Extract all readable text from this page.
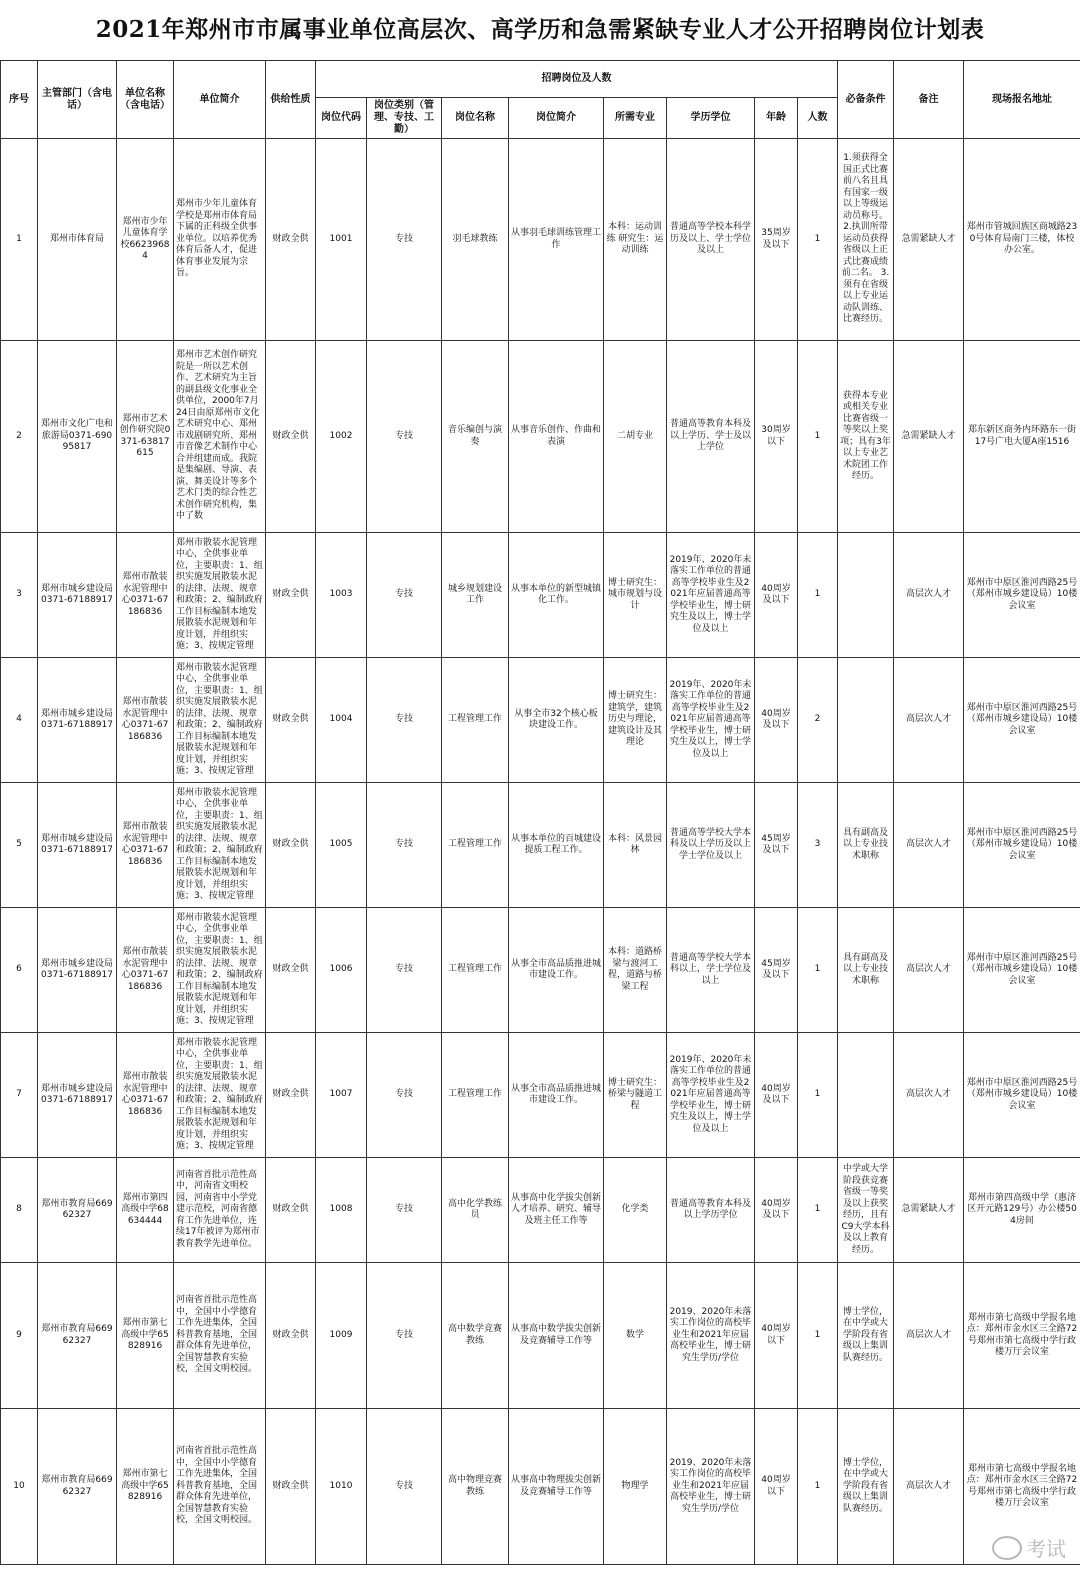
2021年郑州市市属事业单位高层次、高学历和急需紧缺专业人才公开招聘岗位计划表
序号	主管部门（含电话）	单位名称（含电话）	单位简介	供给性质	招聘岗位及人数								必备条件	备注	现场报名地址
					岗位代码	岗位类别（管理、专技、工勤）	岗位名称	岗位简介	所需专业	学历学位	年龄	人数			
1	郑州市体育局	郑州市少年儿童体育学校66239684	郑州市少年儿童体育学校是郑州市体育局下属的正科级全供事业单位。以培养优秀体育后备人才，促进体育事业发展为宗旨。	财政全供	1001	专技	羽毛球教练	从事羽毛球训练管理工作	本科：运动训练 研究生：运动训练	普通高等学校本科学历及以上、学士学位及以上	35周岁及以下	1	1.须获得全国正式比赛前八名且具有国家一级以上等级运动员称号。 2.执训所带运动员获得省级以上正式比赛成绩前二名。 3.须有在省级以上专业运动队训练、比赛经历。	急需紧缺人才	郑州市管城回族区商城路230号体育局南门三楼，体校办公室。
2	郑州市文化广电和旅游局0371-69095817	郑州市艺术创作研究院0371-63817615	郑州市艺术创作研究院是一所以艺术创作、艺术研究为主旨的副县级文化事业全供单位，2000年7月24日由原郑州市文化艺术研究中心、郑州市戏剧研究所、郑州市音像艺术制作中心合并组建而成。我院是集编剧、导演、表演、舞美设计等多个艺术门类的综合性艺术创作研究机构，集中了数	财政全供	1002	专技	音乐编创与演奏	从事音乐创作、作曲和表演	二胡专业	普通高等教育本科及以上学历、学士及以上学位	30周岁以下	1	获得本专业或相关专业比赛省级一等奖以上奖项；具有3年以上专业艺术院团工作经历。	急需紧缺人才	郑东新区商务内环路东一街17号广电大厦A座1516
3	郑州市城乡建设局0371-67188917	郑州市散装水泥管理中心0371-67186836	郑州市散装水泥管理中心，全供事业单位，主要职责：1、组织实施发展散装水泥的法律、法规、规章和政策；2、编制政府工作目标编制本地发展散装水泥规划和年度计划，并组织实施；3、按规定管理	财政全供	1003	专技	城乡规划建设工作	从事本单位的新型城镇化工作。	博士研究生：城市规划与设计	2019年、2020年未落实工作单位的普通高等学校毕业生及2021年应届普通高等学校毕业生，博士研究生及以上，博士学位及以上	40周岁及以下	1		高层次人才	郑州市中原区淮河西路25号（郑州市城乡建设局）10楼会议室
4	郑州市城乡建设局0371-67188917	郑州市散装水泥管理中心0371-67186836	郑州市散装水泥管理中心，全供事业单位，主要职责：1、组织实施发展散装水泥的法律、法规、规章和政策；2、编制政府工作目标编制本地发展散装水泥规划和年度计划，并组织实施；3、按规定管理	财政全供	1004	专技	工程管理工作	从事全市32个核心板块建设工作。	博士研究生：建筑学，建筑历史与理论，建筑设计及其理论	2019年、2020年未落实工作单位的普通高等学校毕业生及2021年应届普通高等学校毕业生，博士研究生及以上，博士学位及以上	40周岁及以下	2		高层次人才	郑州市中原区淮河西路25号（郑州市城乡建设局）10楼会议室
5	郑州市城乡建设局0371-67188917	郑州市散装水泥管理中心0371-67186836	郑州市散装水泥管理中心，全供事业单位，主要职责：1、组织实施发展散装水泥的法律、法规、规章和政策；2、编制政府工作目标编制本地发展散装水泥规划和年度计划，并组织实施；3、按规定管理	财政全供	1005	专技	工程管理工作	从事本单位的百城建设提质工程工作。	本科：风景园林	普通高等学校大学本科及以上学历及以上学士学位及以上	45周岁及以下	3	具有副高及以上专业技术职称	高层次人才	郑州市中原区淮河西路25号（郑州市城乡建设局）10楼会议室
6	郑州市城乡建设局0371-67188917	郑州市散装水泥管理中心0371-67186836	郑州市散装水泥管理中心，全供事业单位，主要职责：1、组织实施发展散装水泥的法律、法规、规章和政策；2、编制政府工作目标编制本地发展散装水泥规划和年度计划，并组织实施；3、按规定管理	财政全供	1006	专技	工程管理工作	从事全市高品质推进城市建设工作。	本科：道路桥梁与渡河工程，道路与桥梁工程	普通高等学校大学本科以上，学士学位及以上	45周岁及以下	1	具有副高及以上专业技术职称	高层次人才	郑州市中原区淮河西路25号（郑州市城乡建设局）10楼会议室
7	郑州市城乡建设局0371-67188917	郑州市散装水泥管理中心0371-67186836	郑州市散装水泥管理中心，全供事业单位，主要职责：1、组织实施发展散装水泥的法律、法规、规章和政策；2、编制政府工作目标编制本地发展散装水泥规划和年度计划，并组织实施；3、按规定管理	财政全供	1007	专技	工程管理工作	从事全市高品质推进城市建设工作。	博士研究生：桥梁与隧道工程	2019年、2020年未落实工作单位的普通高等学校毕业生及2021年应届普通高等学校毕业生，博士研究生及以上，博士学位及以上	40周岁及以下	1		高层次人才	郑州市中原区淮河西路25号（郑州市城乡建设局）10楼会议室
8	郑州市教育局66962327	郑州市第四高级中学68634444	河南省首批示范性高中，河南省文明校园，河南省中小学党建示范校，河南省德育工作先进单位，连续17年被评为郑州市教育教学先进单位。	财政全供	1008	专技	高中化学教练员	从事高中化学拔尖创新人才培养、研究、辅导及班主任工作等	化学类	普通高等教育本科及以上学历学位	40周岁及以下	1	中学或大学阶段获竞赛省级一等奖及以上获奖经历，且有C9大学本科及以上教育经历。	急需紧缺人才	郑州市第四高级中学（惠济区开元路129号）办公楼504房间
9	郑州市教育局66962327	郑州市第七高级中学65828916	河南省首批示范性高中，全国中小学德育工作先进集体，全国科普教育基地，全国群众体育先进单位，全国智慧教育实验校，全国文明校园。	财政全供	1009	专技	高中数学竞赛教练	从事高中数学拔尖创新及竞赛辅导工作等	数学	2019、2020年未落实工作岗位的高校毕业生和2021年应届高校毕业生，博士研究生学历/学位	40周岁以下	1	博士学位，在中学或大学阶段有省级以上集训队赛经历。	高层次人才	郑州市第七高级中学报名地点：郑州市金水区三全路72号郑州市第七高级中学行政楼万厅会议室
10	郑州市教育局66962327	郑州市第七高级中学65828916	河南省首批示范性高中，全国中小学德育工作先进集体，全国科普教育基地，全国群众体育先进单位，全国智慧教育实验校，全国文明校园。	财政全供	1010	专技	高中物理竞赛教练	从事高中物理拔尖创新及竞赛辅导工作等	物理学	2019、2020年未落实工作岗位的高校毕业生和2021年应届高校毕业生，博士研究生学历/学位	40周岁以下	1	博士学位，在中学或大学阶段有省级以上集训队赛经历。	高层次人才	郑州市第七高级中学报名地点：郑州市金水区三全路72号郑州市第七高级中学行政楼万厅会议室
考试
